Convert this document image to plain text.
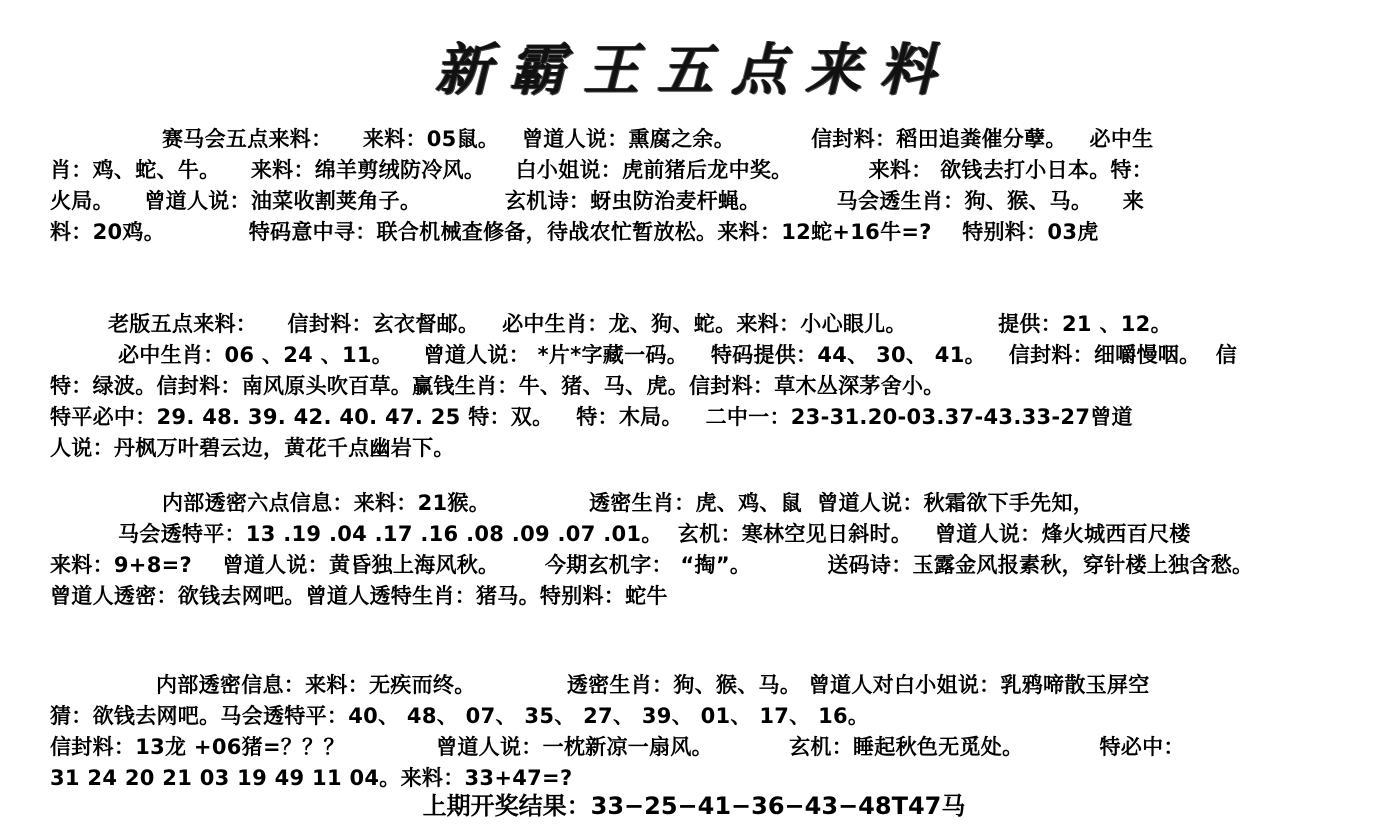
新霸王五点来料
赛马会五点来料：    来料：05鼠。   曾道人说：熏腐之余。          信封料：稻田追粪催分孽。   必中生
肖：鸡、蛇、牛。    来料：绵羊剪绒防冷风。    白小姐说：虎前猪后龙中奖。          来料： 欲钱去打小日本。特：
火局。    曾道人说：油菜收割荚角子。           玄机诗：蚜虫防治麦杆蝇。          马会透生肖：狗、猴、马。    来
料：20鸡。           特码意中寻：联合机械查修备，待战农忙暂放松。来料：12蛇+16牛=?    特别料：03虎
老版五点来料：    信封料：玄衣督邮。   必中生肖：龙、狗、蛇。来料：小心眼儿。            提供：21 、12。
必中生肖：06 、24 、11。    曾道人说： *片*字藏一码。   特码提供：44、 30、 41。   信封料：细嚼慢咽。  信
特：绿波。信封料：南风原头吹百草。赢钱生肖：牛、猪、马、虎。信封料：草木丛深茅舍小。
特平必中：29. 48. 39. 42. 40. 47. 25 特：双。   特：木局。   二中一：23-31.20-03.37-43.33-27曾道
人说：丹枫万叶碧云边，黄花千点幽岩下。
内部透密六点信息：来料：21猴。             透密生肖：虎、鸡、鼠  曾道人说：秋霜欲下手先知，
马会透特平：13 .19 .04 .17 .16 .08 .09 .07 .01。  玄机：寒林空见日斜时。   曾道人说：烽火城西百尺楼
来料：9+8=?    曾道人说：黄昏独上海风秋。      今期玄机字： “掏”。          送码诗：玉露金风报素秋，穿针楼上独含愁。
曾道人透密：欲钱去网吧。曾道人透特生肖：猪马。特别料：蛇牛
内部透密信息：来料：无疾而终。            透密生肖：狗、猴、马。 曾道人对白小姐说：乳鸦啼散玉屏空
猜：欲钱去网吧。马会透特平：40、 48、 07、 35、 27、 39、 01、 17、 16。
信封料：13龙 +06猪=？？？            曾道人说：一枕新凉一扇风。          玄机：睡起秋色无觅处。          特必中：
31 24 20 21 03 19 49 11 04。来料：33+47=?
上期开奖结果：33−25−41−36−43−48T47马
